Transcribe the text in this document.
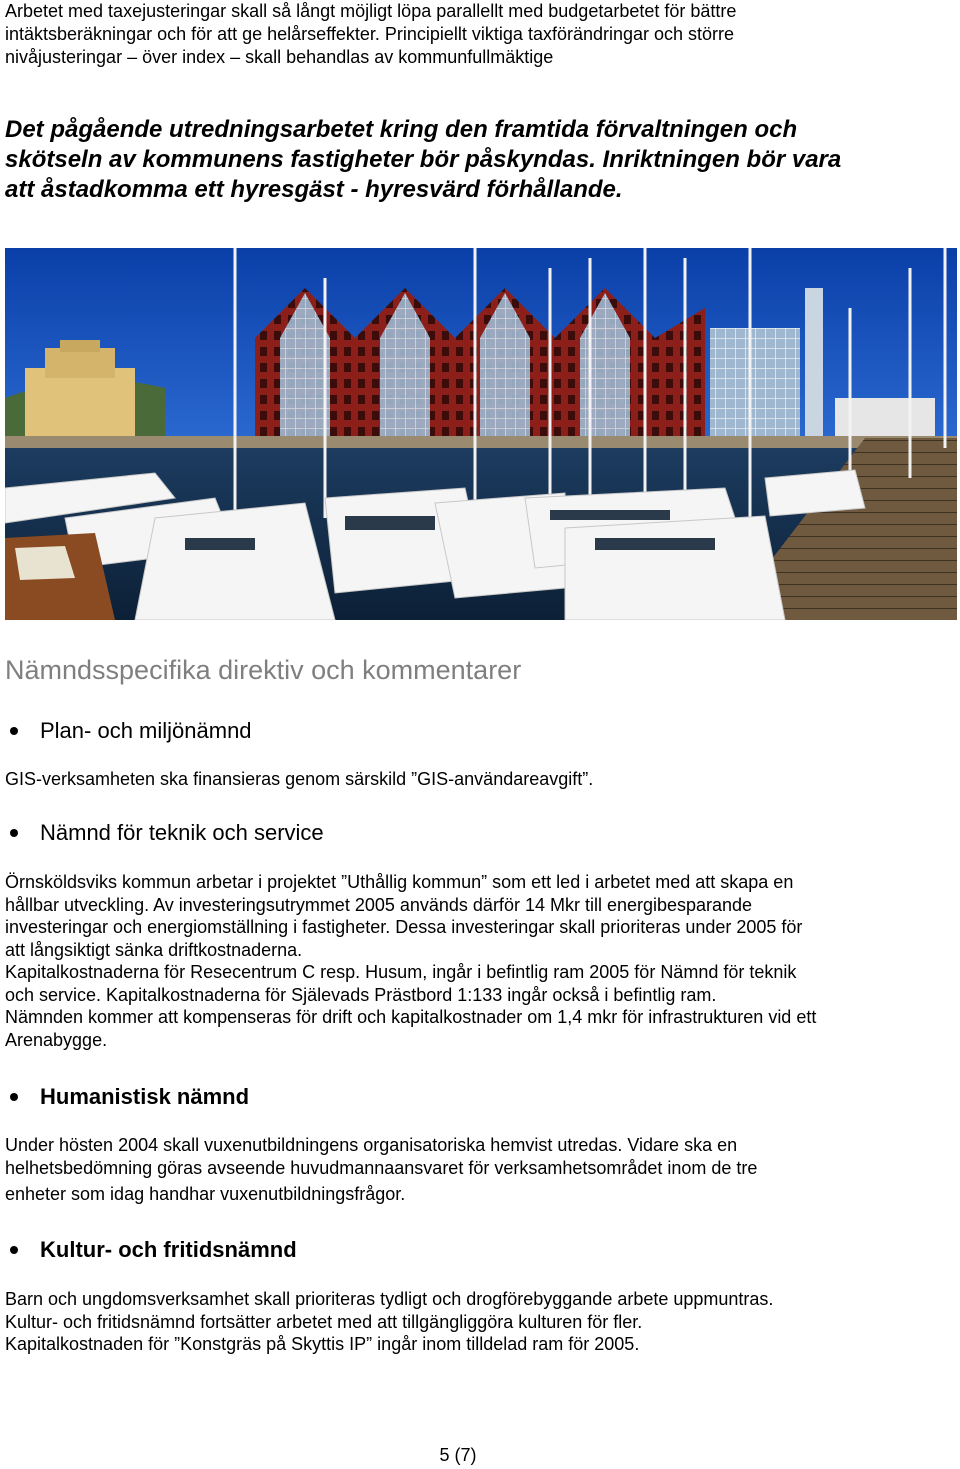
Arbetet med taxejusteringar skall så långt möjligt löpa parallellt med budgetarbetet för bättre
intäktsberäkningar och för att ge helårseffekter. Principiellt viktiga taxförändringar och större
nivåjusteringar – över index – skall behandlas av kommunfullmäktige
Det pågående utredningsarbetet kring den framtida förvaltningen och
skötseln av kommunens fastigheter bör påskyndas. Inriktningen bör vara
att åstadkomma ett hyresgäst - hyresvärd förhållande.
Nämndsspecifika direktiv och kommentarer
Plan- och miljönämnd
GIS-verksamheten ska finansieras genom särskild ”GIS-användareavgift”.
Nämnd för teknik och service
Örnsköldsviks kommun arbetar i projektet ”Uthållig kommun” som ett led i arbetet med att skapa en
hållbar utveckling. Av investeringsutrymmet 2005 används därför 14 Mkr till energibesparande
investeringar och energiomställning i fastigheter. Dessa investeringar skall prioriteras under 2005 för
att långsiktigt sänka driftkostnaderna.
Kapitalkostnaderna för Resecentrum C resp. Husum, ingår i befintlig ram 2005 för Nämnd för teknik
och service. Kapitalkostnaderna för Själevads Prästbord 1:133 ingår också i befintlig ram.
Nämnden kommer att kompenseras för drift och kapitalkostnader om 1,4 mkr för infrastrukturen vid ett
Arenabygge.
Humanistisk nämnd
Under hösten 2004 skall vuxenutbildningens organisatoriska hemvist utredas. Vidare ska en
helhetsbedömning göras avseende huvudmannaansvaret för verksamhetsområdet inom de tre
enheter som idag handhar vuxenutbildningsfrågor.
Kultur- och fritidsnämnd
Barn och ungdomsverksamhet skall prioriteras tydligt och drogförebyggande arbete uppmuntras.
Kultur- och fritidsnämnd fortsätter arbetet med att tillgängliggöra kulturen för fler.
Kapitalkostnaden för ”Konstgräs på Skyttis IP” ingår inom tilldelad ram för 2005.
5 (7)
